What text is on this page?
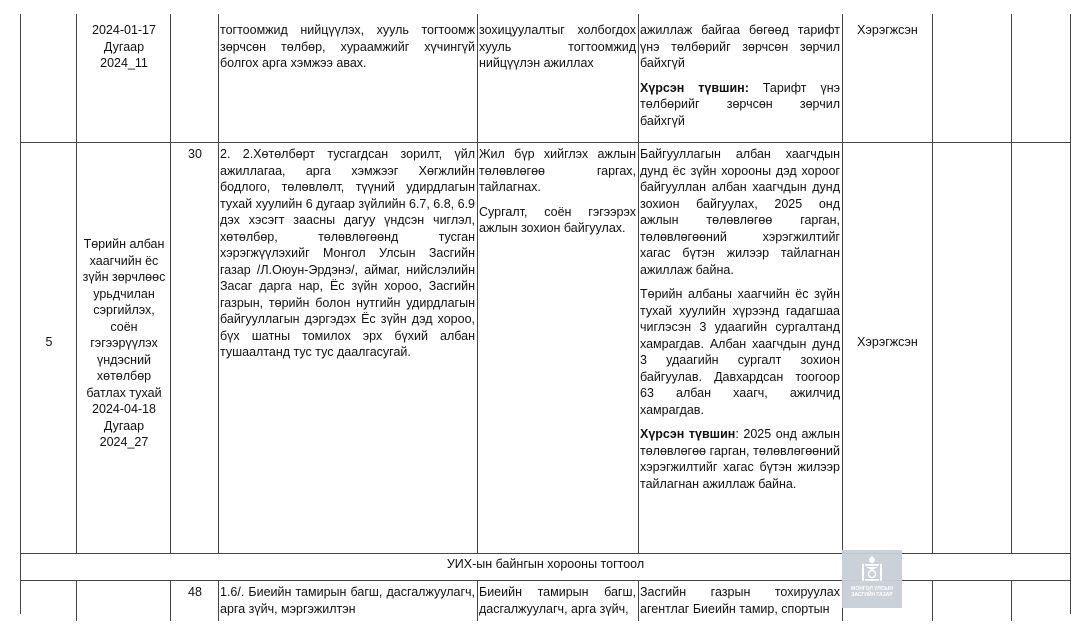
2024-01-17
Дугаар
2024_11
тогтоомжид нийцүүлэх, хууль тогтоомж зөрчсөн төлбөр, хураамжийг хүчингүй болгох арга хэмжээ авах.
зохицуулалтыг холбогдох хууль тогтоомжид нийцүүлэн ажиллах

ажиллаж байгаа бөгөөд тарифт үнэ төлбөрийг зөрчсөн зөрчил байхгүй

Хүрсэн түвшин: Тарифт үнэ төлбөрийг зөрчсөн зөрчил байхгүй

Хэрэгжсэн
5
Төрийн албан хаагчийн ёс зүйн зөрчлөөс урьдчилан сэргийлэх, соён гэгээрүүлэх үндэсний хөтөлбөр батлах тухай 2024-04-18 Дугаар 2024_27
30	2. 2.Хөтөлбөрт тусгагдсан зорилт, үйл ажиллагаа, арга хэмжээг Хөгжлийн бодлого, төлөвлөлт, түүний удирдлагын тухай хуулийн 6 дугаар зүйлийн 6.7, 6.8, 6.9 дэх хэсэгт заасны дагуу үндсэн чиглэл, хөтөлбөр, төлөвлөгөөнд тусган хэрэгжүүлэхийг Монгол Улсын Засгийн газар /Л.Оюун-Эрдэнэ/, аймаг, нийслэлийн Засаг дарга нар, Ёс зүйн хороо, Засгийн газрын, төрийн болон нутгийн удирдлагын байгууллагын дэргэдэх Ёс зүйн дэд хороо, бүх шатны томилох эрх бүхий албан тушаалтанд тус тус даалгасугай.

Жил бүр хийглэх ажлын төлөвлөгөө гаргах, тайлагнах.

Сургалт, соён гэгээрэх ажлын зохион байгуулах.

Байгууллагын албан хаагчдын дунд ёс зүйн хорооны дэд хороог байгууллан албан хаагчдын дунд зохион байгуулах, 2025 онд ажлын төлөвлөгөө гарган, төлөвлөгөөний хэрэгжилтийг хагас бүтэн жилээр тайлагнан ажиллаж байна.

Төрийн албаны хаагчийн ёс зүйн тухай хуулийн хүрээнд гадагшаа чиглэсэн 3 удаагийн сургалтанд хамрагдав. Албан хаагчдын дунд 3 удаагийн сургалт зохион байгуулав. Давхардсан тоогоор 63 албан хаагч, ажилчид хамрагдав.

Хүрсэн түвшин: 2025 онд ажлын төлөвлөгөө гарган, төлөвлөгөөний хэрэгжилтийг хагас бүтэн жилээр тайлагнан ажиллаж байна.

Хэрэгжсэн
УИХ-ын байнгын хорооны тогтоол
48	1.6/. Биеийн тамирын багш, дасгалжуулагч, арга зүйч, мэргэжилтэн
Биеийн тамирын багш, дасгалжуулагч, арга зүйч,
Засгийн газрын тохируулах агентлаг Биеийн тамир, спортын
МОНГОЛ УЛСЫН ЗАСГИЙН ГАЗАР
